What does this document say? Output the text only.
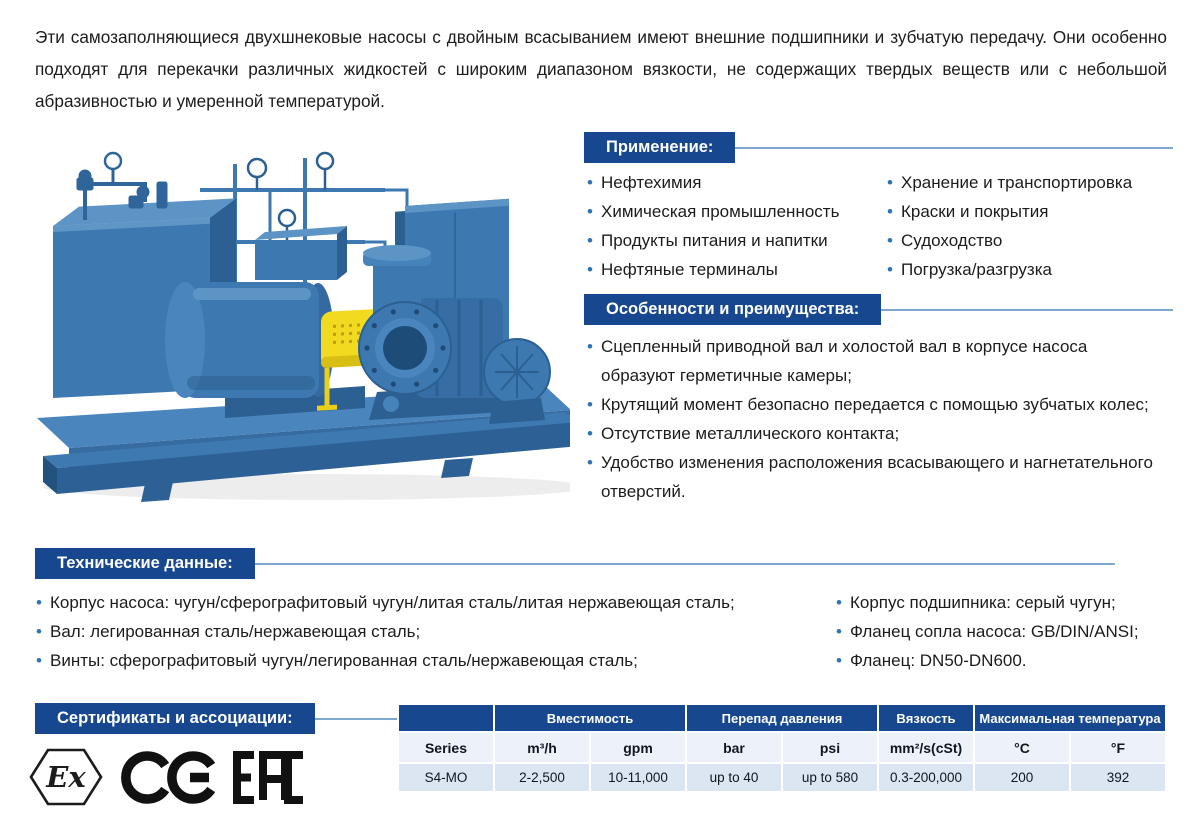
Эти самозаполняющиеся двухшнековые насосы с двойным всасыванием имеют внешние подшипники и зубчатую передачу. Они особенно подходят для перекачки различных жидкостей с широким диапазоном вязкости, не содержащих твердых веществ или с небольшой абразивностью и умеренной температурой.

Применение:
• Нефтехимия
• Химическая промышленность
• Продукты питания и напитки
• Нефтяные терминалы
• Хранение и транспортировка
• Краски и покрытия
• Судоходство
• Погрузка/разгрузка
Особенности и преимущества:
• Сцепленный приводной вал и холостой вал в корпусе насоса образуют герметичные камеры;
• Крутящий момент безопасно передается с помощью зубчатых колес;
• Отсутствие металлического контакта;
• Удобство изменения расположения всасывающего и нагнетательного отверстий.
Технические данные:
• Корпус насоса: чугун/сферографитовый чугун/литая сталь/литая нержавеющая сталь;
• Вал: легированная сталь/нержавеющая сталь;
• Винты: сферографитовый чугун/легированная сталь/нержавеющая сталь;
• Корпус подшипника: серый чугун;
• Фланец сопла насоса: GB/DIN/ANSI;
• Фланец: DN50-DN600.
Сертификаты и ассоциации:
Ex
	Вместимость		Перепад давления		Вязкость	Максимальная температура	
Series	m³/h	gpm	bar	psi	mm²/s(cSt)	°C	°F
S4-MO	2-2,500	10-11,000	up to 40	up to 580	0.3-200,000	200	392
